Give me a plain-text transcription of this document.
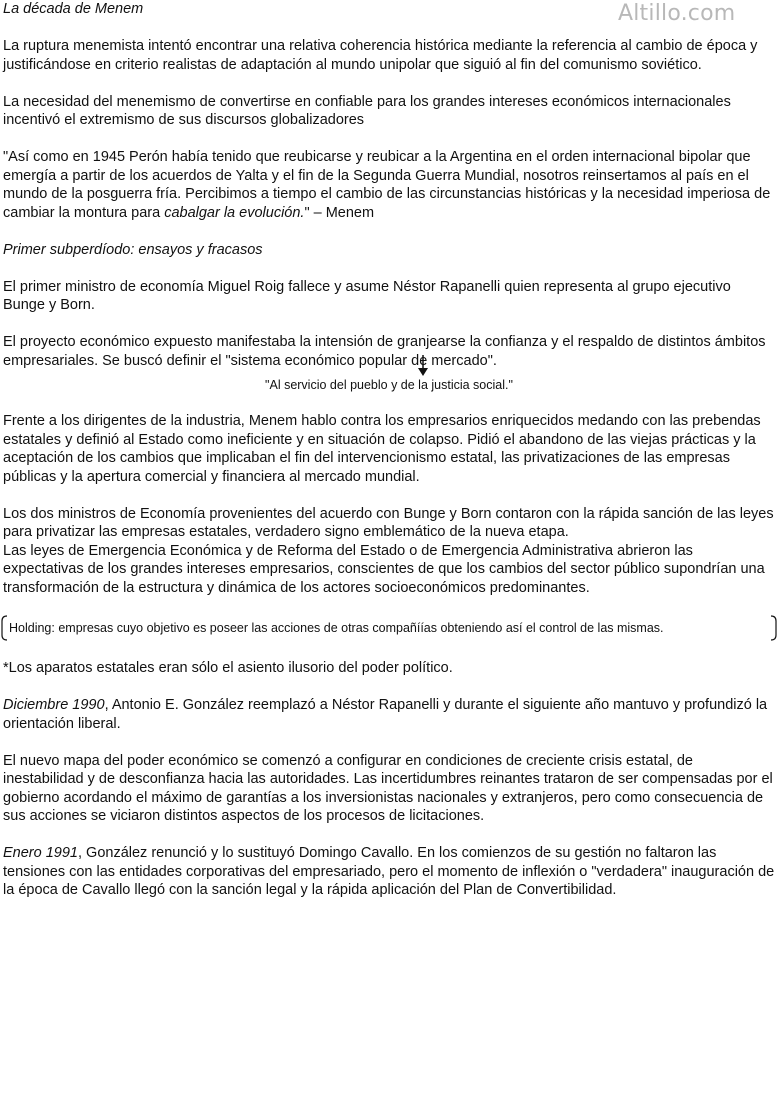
Altillo.com

La década de Menem

La ruptura menemista intentó encontrar una relativa coherencia histórica mediante la referencia al cambio de época y justificándose en criterio realistas de adaptación al mundo unipolar que siguió al fin del comunismo soviético.

La necesidad del menemismo de convertirse en confiable para los grandes intereses económicos internacionales incentivó el extremismo de sus discursos globalizadores

"Así como en 1945 Perón había tenido que reubicarse y reubicar a la Argentina en el orden internacional bipolar que emergía a partir de los acuerdos de Yalta y el fin de la Segunda Guerra Mundial, nosotros reinsertamos al país en el mundo de la posguerra fría. Percibimos a tiempo el cambio de las circunstancias históricas y la necesidad imperiosa de cambiar la montura para cabalgar la evolución." – Menem

Primer subperdíodo: ensayos y fracasos

El primer ministro de economía Miguel Roig fallece y asume Néstor Rapanelli quien representa al grupo ejecutivo Bunge y Born.

El proyecto económico expuesto manifestaba la intensión de granjearse la confianza y el respaldo de distintos ámbitos empresariales. Se buscó definir el "sistema económico popular de mercado".

"Al servicio del pueblo y de la justicia social."

Frente a los dirigentes de la industria, Menem hablo contra los empresarios enriquecidos medando con las prebendas estatales y definió al Estado como ineficiente y en situación de colapso. Pidió el abandono de las viejas prácticas y la aceptación de los cambios que implicaban el fin del intervencionismo estatal, las privatizaciones de las empresas públicas y la apertura comercial y financiera al mercado mundial.

Los dos ministros de Economía provenientes del acuerdo con Bunge y Born contaron con la rápida sanción de las leyes para privatizar las empresas estatales, verdadero signo emblemático de la nueva etapa.

Las leyes de Emergencia Económica y de Reforma del Estado o de Emergencia Administrativa abrieron las expectativas de los grandes intereses empresarios, conscientes de que los cambios del sector público supondrían una transformación de la estructura y dinámica de los actores socioeconómicos predominantes.

Holding: empresas cuyo objetivo es poseer las acciones de otras compañíías obteniendo así el control de las mismas.

*Los aparatos estatales eran sólo el asiento ilusorio del poder político.

Diciembre 1990, Antonio E. González reemplazó a Néstor Rapanelli y durante el siguiente año mantuvo y profundizó la orientación liberal.

El nuevo mapa del poder económico se comenzó a configurar en condiciones de creciente crisis estatal, de inestabilidad y de desconfianza hacia las autoridades. Las incertidumbres reinantes trataron de ser compensadas por el gobierno acordando el máximo de garantías a los inversionistas nacionales y extranjeros, pero como consecuencia de sus acciones se viciaron distintos aspectos de los procesos de licitaciones.

Enero 1991, González renunció y lo sustituyó Domingo Cavallo. En los comienzos de su gestión no faltaron las tensiones con las entidades corporativas del empresariado, pero el momento de inflexión o "verdadera" inauguración de la época de Cavallo llegó con la sanción legal y la rápida aplicación del Plan de Convertibilidad.
